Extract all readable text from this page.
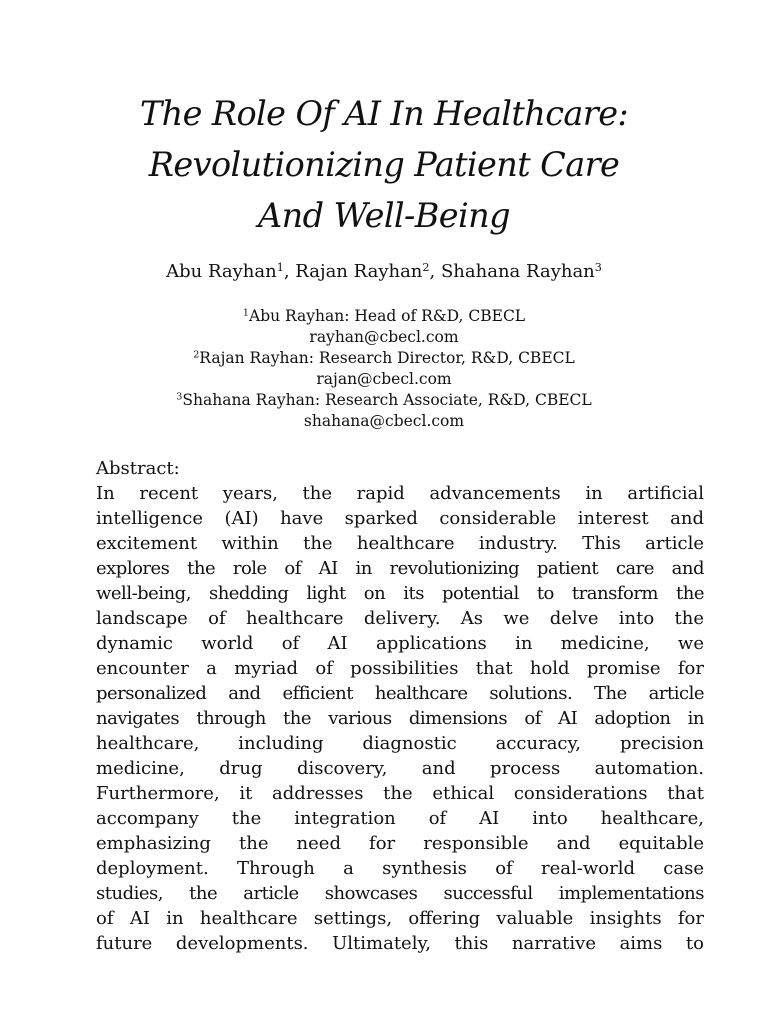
The Role Of AI In Healthcare:
Revolutionizing Patient Care
And Well-Being
Abu Rayhan$^1$, Rajan Rayhan$^2$, Shahana Rayhan$^3$
$^1$Abu Rayhan: Head of R&D, CBECL
rayhan@cbecl.com
$^2$Rajan Rayhan: Research Director, R&D, CBECL
rajan@cbecl.com
$^3$Shahana Rayhan: Research Associate, R&D, CBECL
shahana@cbecl.com
Abstract:
In recent years, the rapid advancements in artificial
intelligence (AI) have sparked considerable interest and
excitement within the healthcare industry. This article
explores the role of AI in revolutionizing patient care and
well-being, shedding light on its potential to transform the
landscape of healthcare delivery. As we delve into the
dynamic world of AI applications in medicine, we
encounter a myriad of possibilities that hold promise for
personalized and efficient healthcare solutions. The article
navigates through the various dimensions of AI adoption in
healthcare, including diagnostic accuracy, precision
medicine, drug discovery, and process automation.
Furthermore, it addresses the ethical considerations that
accompany the integration of AI into healthcare,
emphasizing the need for responsible and equitable
deployment. Through a synthesis of real-world case
studies, the article showcases successful implementations
of AI in healthcare settings, offering valuable insights for
future developments. Ultimately, this narrative aims to
